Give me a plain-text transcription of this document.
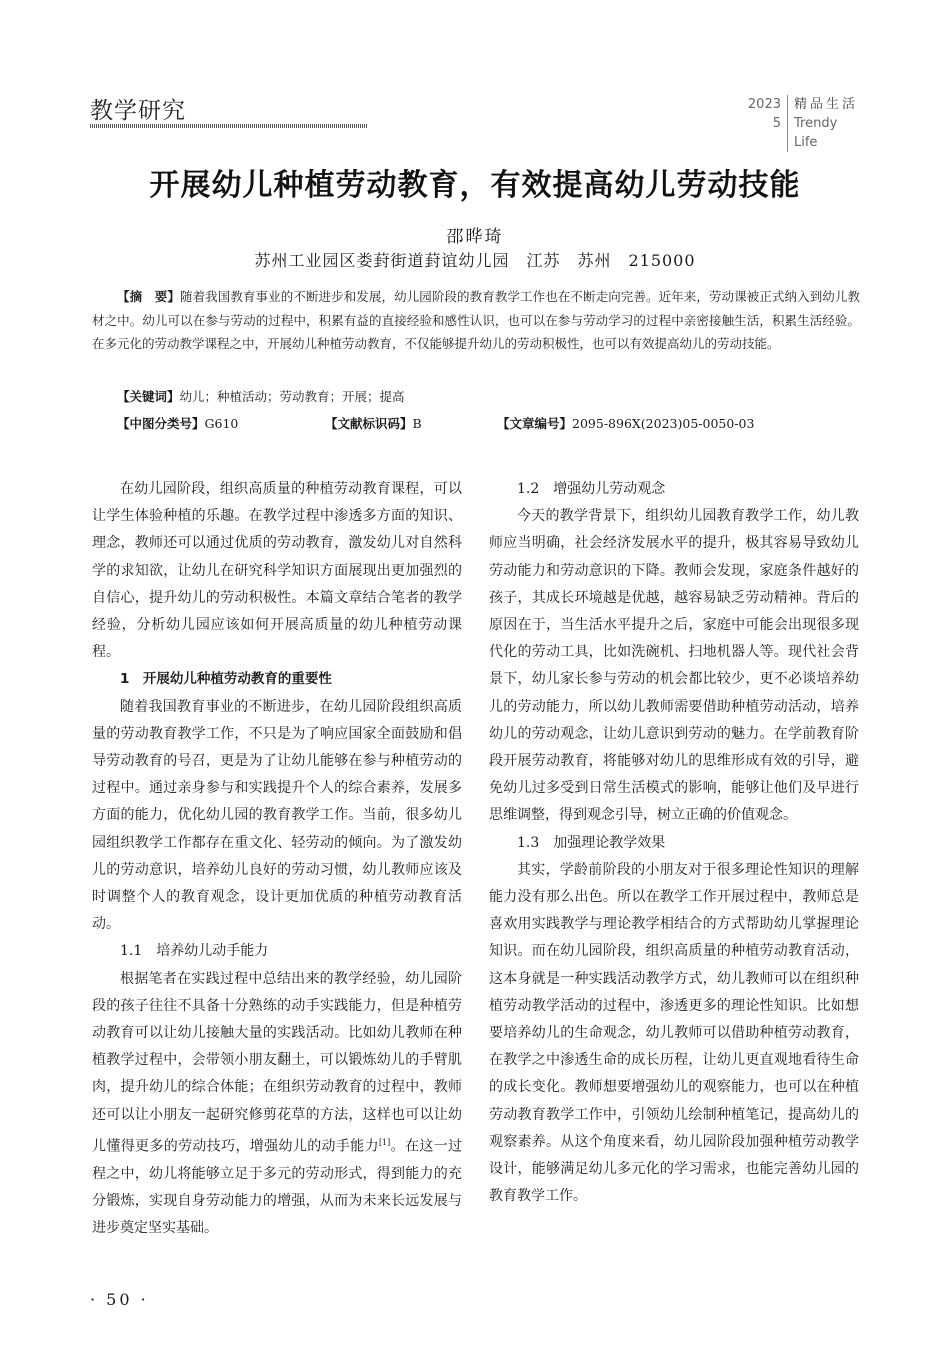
教学研究	2023	精品生活
5	Trendy Life
开展幼儿种植劳动教育，有效提高幼儿劳动技能
邵晔琦
苏州工业园区娄葑街道葑谊幼儿园　江苏　苏州　215000

【摘　要】随着我国教育事业的不断进步和发展，幼儿园阶段的教育教学工作也在不断走向完善。近年来，劳动课被正式纳入到幼儿教材之中。幼儿可以在参与劳动的过程中，积累有益的直接经验和感性认识，也可以在参与劳动学习的过程中亲密接触生活，积累生活经验。在多元化的劳动教学课程之中，开展幼儿种植劳动教育，不仅能够提升幼儿的劳动积极性，也可以有效提高幼儿的劳动技能。

【关键词】幼儿；种植活动；劳动教育；开展；提高
【中图分类号】G610	【文献标识码】B	【文章编号】2095-896X(2023)05-0050-03

在幼儿园阶段，组织高质量的种植劳动教育课程，可以让学生体验种植的乐趣。在教学过程中渗透多方面的知识、理念，教师还可以通过优质的劳动教育，激发幼儿对自然科学的求知欲，让幼儿在研究科学知识方面展现出更加强烈的自信心，提升幼儿的劳动积极性。本篇文章结合笔者的教学经验，分析幼儿园应该如何开展高质量的幼儿种植劳动课程。

1　开展幼儿种植劳动教育的重要性

随着我国教育事业的不断进步，在幼儿园阶段组织高质量的劳动教育教学工作，不只是为了响应国家全面鼓励和倡导劳动教育的号召，更是为了让幼儿能够在参与种植劳动的过程中。通过亲身参与和实践提升个人的综合素养，发展多方面的能力，优化幼儿园的教育教学工作。当前，很多幼儿园组织教学工作都存在重文化、轻劳动的倾向。为了激发幼儿的劳动意识，培养幼儿良好的劳动习惯，幼儿教师应该及时调整个人的教育观念，设计更加优质的种植劳动教育活动。

1.1　培养幼儿动手能力

根据笔者在实践过程中总结出来的教学经验，幼儿园阶段的孩子往往不具备十分熟练的动手实践能力，但是种植劳动教育可以让幼儿接触大量的实践活动。比如幼儿教师在种植教学过程中，会带领小朋友翻土，可以锻炼幼儿的手臂肌肉，提升幼儿的综合体能；在组织劳动教育的过程中，教师还可以让小朋友一起研究修剪花草的方法，这样也可以让幼儿懂得更多的劳动技巧，增强幼儿的动手能力[1]。在这一过程之中，幼儿将能够立足于多元的劳动形式，得到能力的充分锻炼，实现自身劳动能力的增强，从而为未来长远发展与进步奠定坚实基础。

1.2　增强幼儿劳动观念

今天的教学背景下，组织幼儿园教育教学工作，幼儿教师应当明确，社会经济发展水平的提升，极其容易导致幼儿劳动能力和劳动意识的下降。教师会发现，家庭条件越好的孩子，其成长环境越是优越，越容易缺乏劳动精神。背后的原因在于，当生活水平提升之后，家庭中可能会出现很多现代化的劳动工具，比如洗碗机、扫地机器人等。现代社会背景下，幼儿家长参与劳动的机会都比较少，更不必谈培养幼儿的劳动能力，所以幼儿教师需要借助种植劳动活动，培养幼儿的劳动观念，让幼儿意识到劳动的魅力。在学前教育阶段开展劳动教育，将能够对幼儿的思维形成有效的引导，避免幼儿过多受到日常生活模式的影响，能够让他们及早进行思维调整，得到观念引导，树立正确的价值观念。

1.3　加强理论教学效果

其实，学龄前阶段的小朋友对于很多理论性知识的理解能力没有那么出色。所以在教学工作开展过程中，教师总是喜欢用实践教学与理论教学相结合的方式帮助幼儿掌握理论知识。而在幼儿园阶段，组织高质量的种植劳动教育活动，这本身就是一种实践活动教学方式，幼儿教师可以在组织种植劳动教学活动的过程中，渗透更多的理论性知识。比如想要培养幼儿的生命观念，幼儿教师可以借助种植劳动教育，在教学之中渗透生命的成长历程，让幼儿更直观地看待生命的成长变化。教师想要增强幼儿的观察能力，也可以在种植劳动教育教学工作中，引领幼儿绘制种植笔记，提高幼儿的观察素养。从这个角度来看，幼儿园阶段加强种植劳动教学设计，能够满足幼儿多元化的学习需求，也能完善幼儿园的教育教学工作。

· 50 ·
